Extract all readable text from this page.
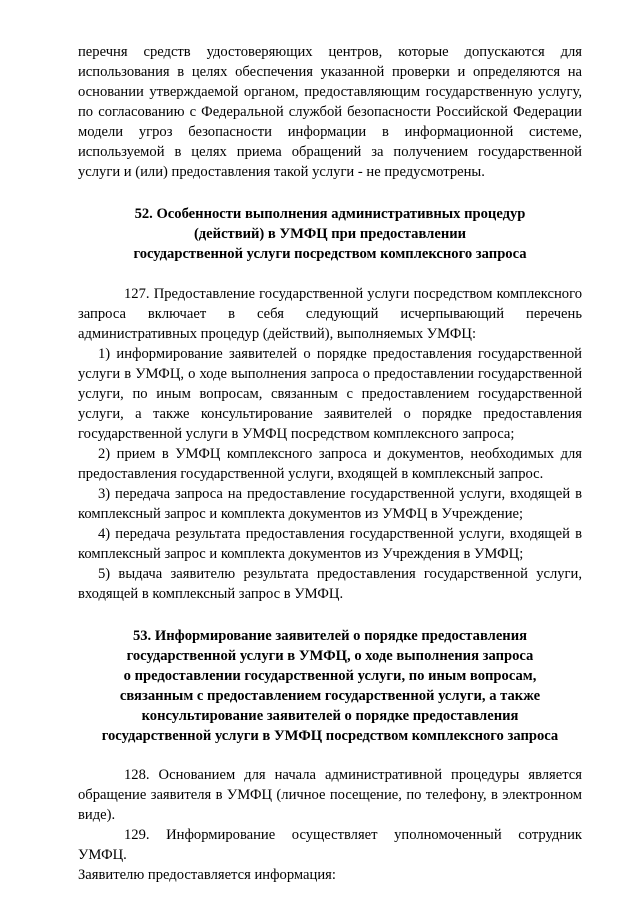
перечня средств удостоверяющих центров, которые допускаются для использования в целях обеспечения указанной проверки и определяются на основании утверждаемой органом, предоставляющим государственную услугу, по согласованию с Федеральной службой безопасности Российской Федерации модели угроз безопасности информации в информационной системе, используемой в целях приема обращений за получением государственной услуги и (или) предоставления такой услуги - не предусмотрены.

52. Особенности выполнения административных процедур
(действий) в УМФЦ при предоставлении
государственной услуги посредством комплексного запроса

127. Предоставление государственной услуги посредством комплексного запроса включает в себя следующий исчерпывающий перечень административных процедур (действий), выполняемых УМФЦ:

1) информирование заявителей о порядке предоставления государственной услуги в УМФЦ, о ходе выполнения запроса о предоставлении государственной услуги, по иным вопросам, связанным с предоставлением государственной услуги, а также консультирование заявителей о порядке предоставления государственной услуги в УМФЦ посредством комплексного запроса;

2) прием в УМФЦ комплексного запроса и документов, необходимых для предоставления государственной услуги, входящей в комплексный запрос.

3) передача запроса на предоставление государственной услуги, входящей в комплексный запрос и комплекта документов из УМФЦ в Учреждение;

4) передача результата предоставления государственной услуги, входящей в комплексный запрос и комплекта документов из Учреждения в УМФЦ;

5) выдача заявителю результата предоставления государственной услуги, входящей в комплексный запрос в УМФЦ.

53. Информирование заявителей о порядке предоставления
государственной услуги в УМФЦ, о ходе выполнения запроса
о предоставлении государственной услуги, по иным вопросам,
связанным с предоставлением государственной услуги, а также
консультирование заявителей о порядке предоставления
государственной услуги в УМФЦ посредством комплексного запроса

128. Основанием для начала административной процедуры является обращение заявителя в УМФЦ (личное посещение, по телефону, в электронном виде).

129. Информирование осуществляет уполномоченный сотрудник УМФЦ.

Заявителю предоставляется информация:
